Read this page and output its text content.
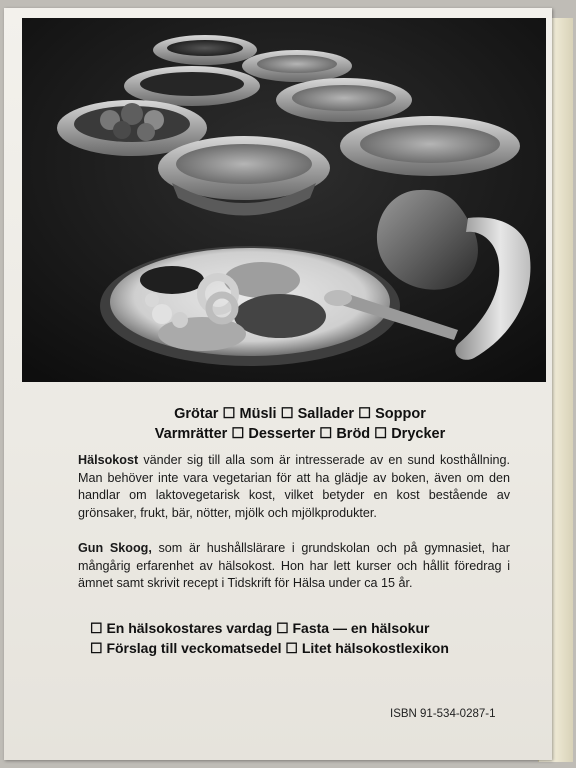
Grötar ☐ Müsli ☐ Sallader ☐ Soppor
Varmrätter ☐ Desserter ☐ Bröd ☐ Drycker
Hälsokost vänder sig till alla som är intresserade av en sund kosthållning. Man behöver inte vara vegetarian för att ha glädje av boken, även om den handlar om laktovegetarisk kost, vilket betyder en kost bestående av grönsaker, frukt, bär, nötter, mjölk och mjölkprodukter.
Gun Skoog, som är hushållslärare i grundskolan och på gymnasiet, har mångårig erfarenhet av hälsokost. Hon har lett kurser och hållit föredrag i ämnet samt skrivit recept i Tidskrift för Hälsa under ca 15 år.
☐ En hälsokostares vardag ☐ Fasta — en hälsokur
☐ Förslag till veckomatsedel ☐ Litet hälsokostlexikon
ISBN 91-534-0287-1
